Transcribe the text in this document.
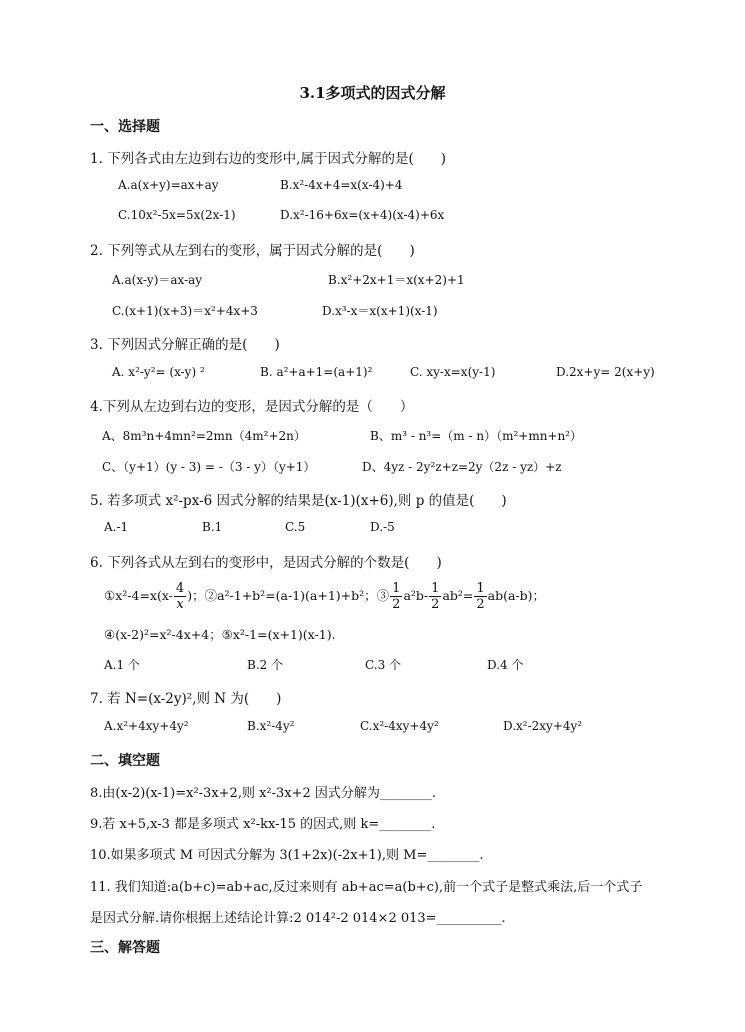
3.1多项式的因式分解
一、选择题
1. 下列各式由左边到右边的变形中,属于因式分解的是(　　)
A.a(x+y)=ax+ay	B.x²-4x+4=x(x-4)+4
C.10x²-5x=5x(2x-1)	D.x²-16+6x=(x+4)(x-4)+6x
2. 下列等式从左到右的变形，属于因式分解的是(　　)
A.a(x-y)＝ax-ay	B.x²+2x+1＝x(x+2)+1
C.(x+1)(x+3)＝x²+4x+3	D.x³-x＝x(x+1)(x-1)
3. 下列因式分解正确的是(　　)
A. x²-y²= (x-y) ²	B. a²+a+1=(a+1)²	C. xy-x=x(y-1)	D.2x+y= 2(x+y)
4.下列从左边到右边的变形，是因式分解的是（　　）
A、8m³n+4mn²=2mn（4m²+2n）	B、m³ - n³=（m - n）（m²+mn+n²）
C、（y+1）(y - 3) = -（3 - y）（y+1）	D、4yz - 2y²z+z=2y（2z - yz）+z
5. 若多项式 x²-px-6 因式分解的结果是(x-1)(x+6),则 p 的值是(　　)
A.-1	B.1	C.5	D.-5
6. 下列各式从左到右的变形中，是因式分解的个数是(　　)
①x²-4=x(x- $\frac{4}{x}$ )；②a²-1+b²=(a-1)(a+1)+b²；③ $\frac{1}{2} a^2b- \frac{1}{2} ab^2= \frac{1}{2} ab(a-b)$；
④(x-2)²=x²-4x+4；⑤x²-1=(x+1)(x-1).
A.1 个	B.2 个	C.3 个	D.4 个
7. 若 N=(x-2y)²,则 N 为(　　)
A.x²+4xy+4y²	B.x²-4y²	C.x²-4xy+4y²	D.x²-2xy+4y²
二、填空题
8.由(x-2)(x-1)=x²-3x+2,则 x²-3x+2 因式分解为________.
9.若 x+5,x-3 都是多项式 x²-kx-15 的因式,则 k=________.
10.如果多项式 M 可因式分解为 3(1+2x)(-2x+1),则 M=________.
11. 我们知道:a(b+c)=ab+ac,反过来则有 ab+ac=a(b+c),前一个式子是整式乘法,后一个式子
是因式分解.请你根据上述结论计算:2 014²-2 014×2 013=__________.
三、解答题
